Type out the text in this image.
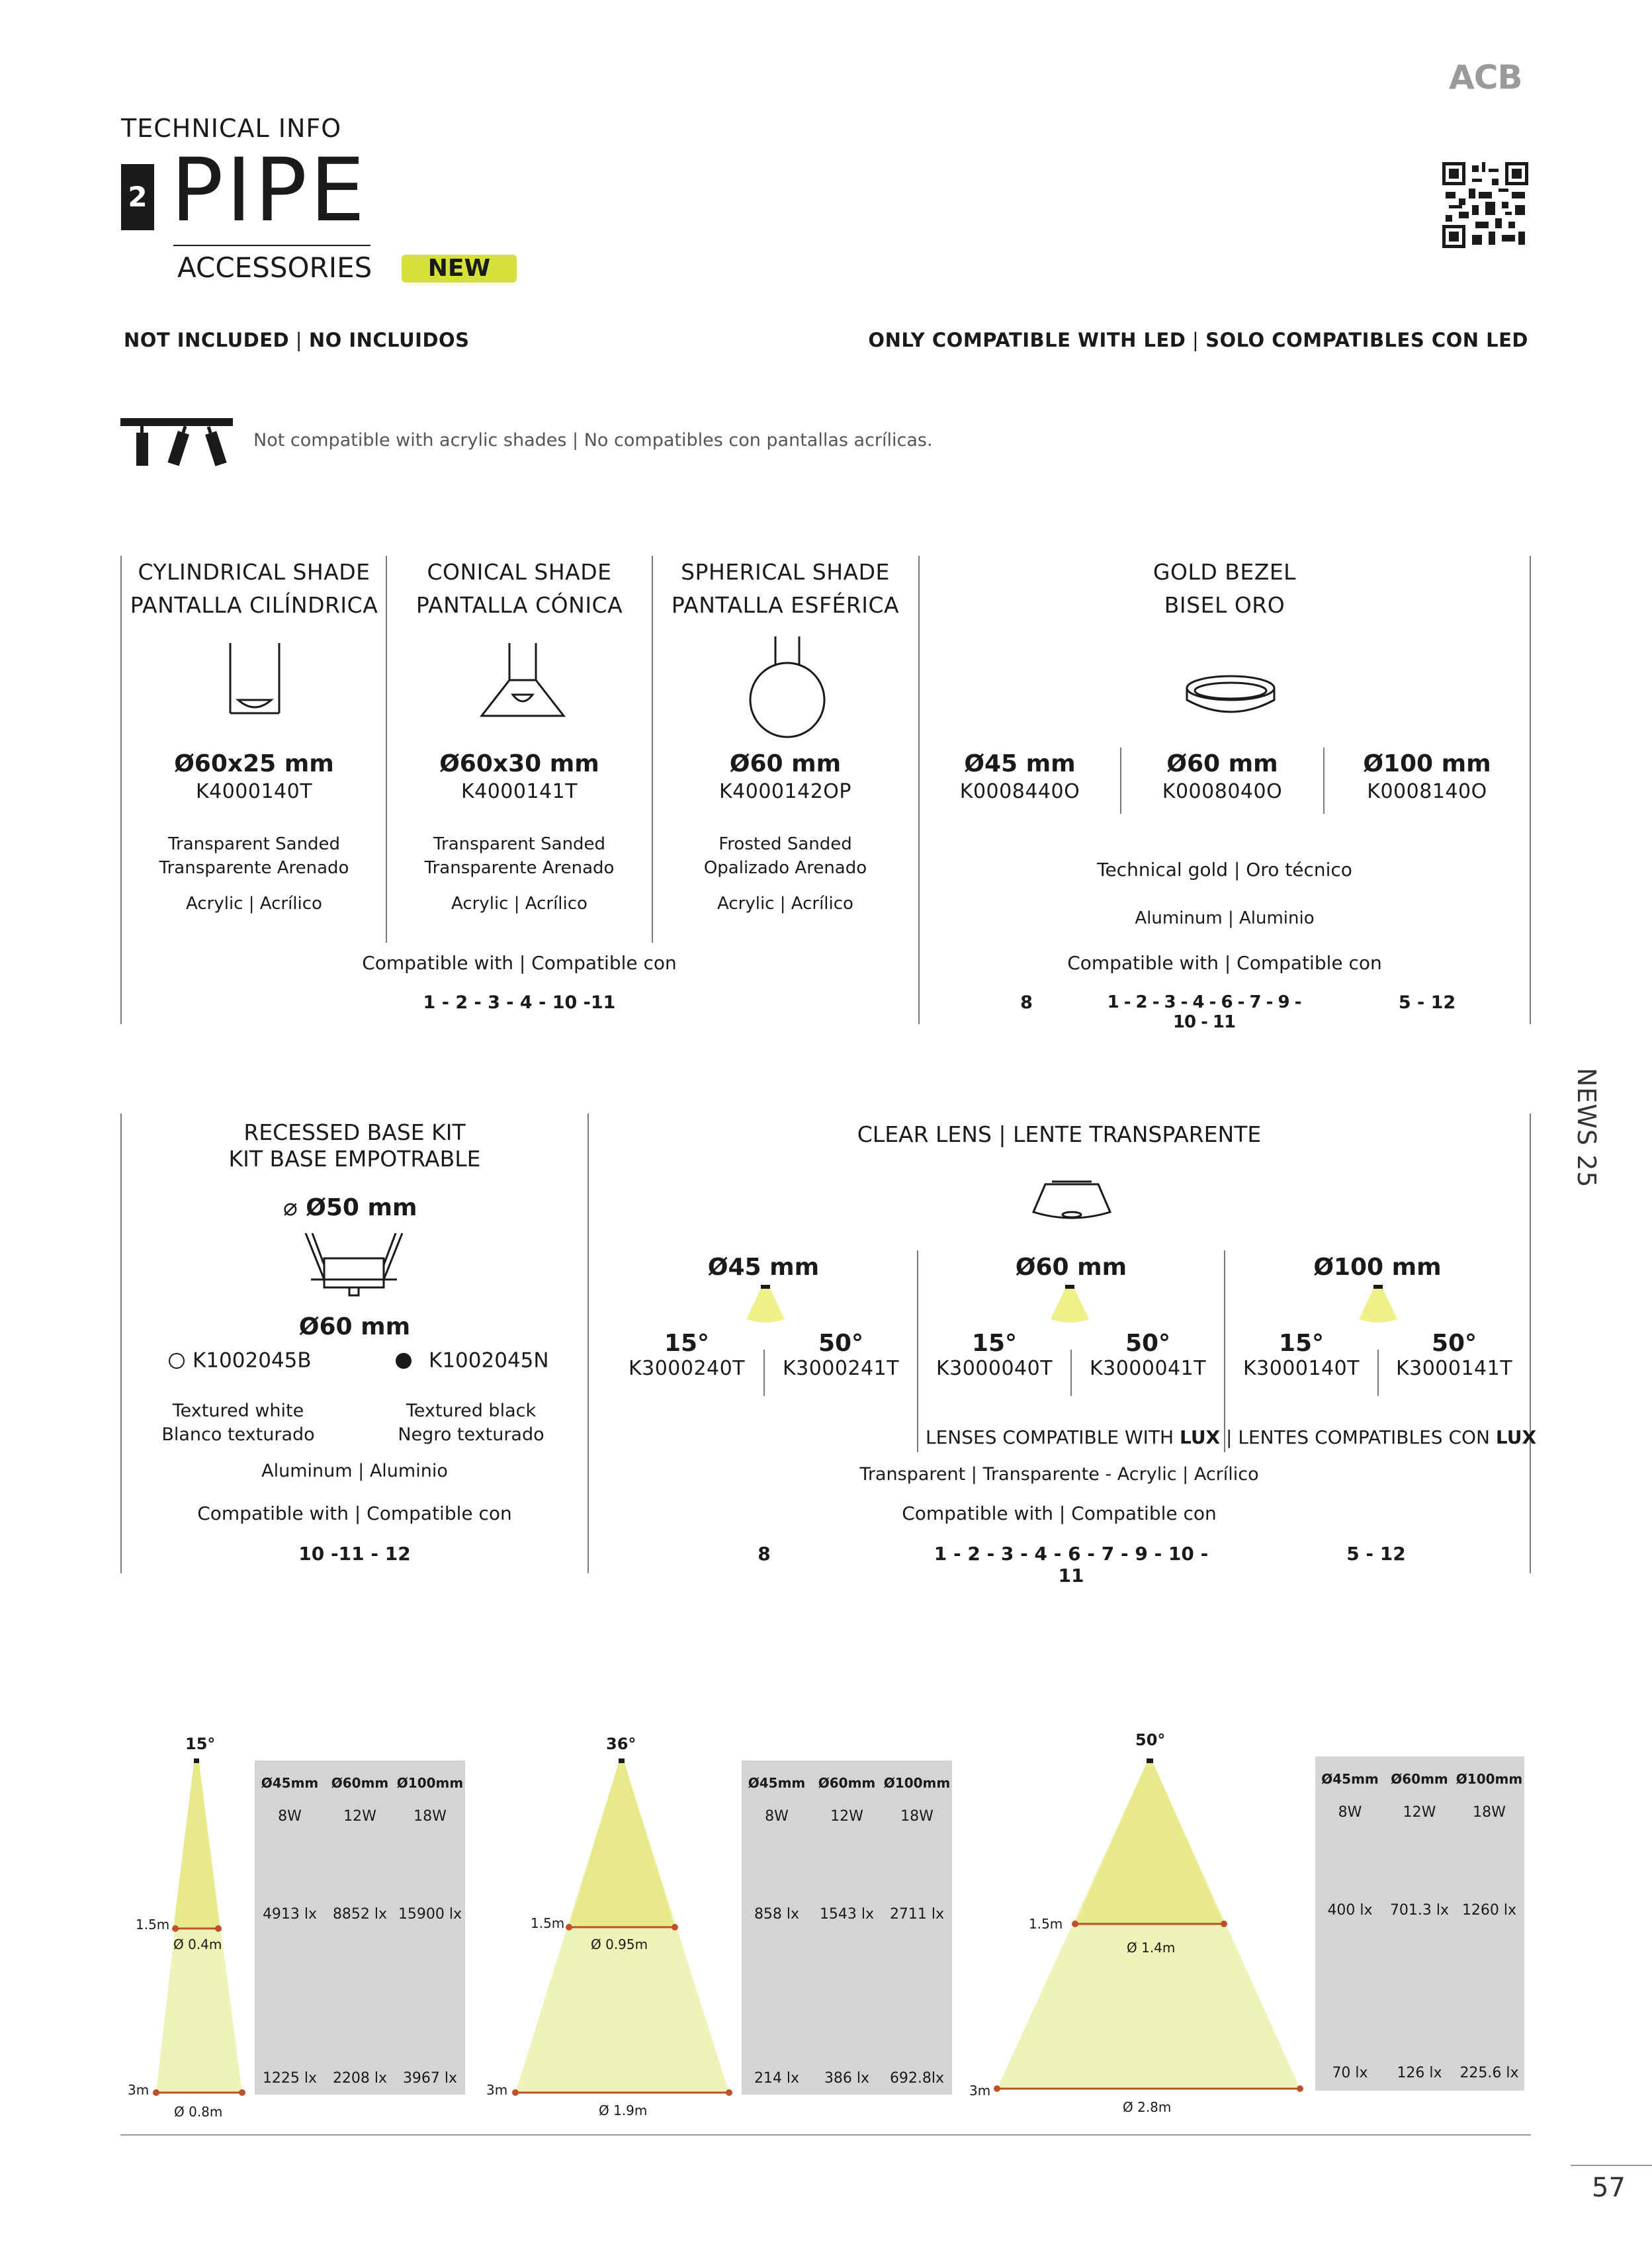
ACB
TECHNICAL INFO
2 PIPE
ACCESSORIES	NEW
NOT INCLUDED | NO INCLUIDOS	ONLY COMPATIBLE WITH LED | SOLO COMPATIBLES CON LED
Not compatible with acrylic shades | No compatibles con pantallas acrílicas.
CYLINDRICAL SHADE
PANTALLA CILÍNDRICA
CONICAL SHADE
PANTALLA CÓNICA
SPHERICAL SHADE
PANTALLA ESFÉRICA
Ø60x25 mm
K4000140T
Transparent Sanded
Transparente Arenado
Acrylic | Acrílico
Ø60x30 mm
K4000141T
Transparent Sanded
Transparente Arenado
Acrylic | Acrílico
Ø60 mm
K4000142OP
Frosted Sanded
Opalizado Arenado
Acrylic | Acrílico
Compatible with | Compatible con
1 - 2 - 3 - 4 - 10 -11
GOLD BEZEL
BISEL ORO
Ø45 mm
K0008440O
Ø60 mm
K0008040O
Ø100 mm
K0008140O
Technical gold | Oro técnico
Aluminum | Aluminio
Compatible with | Compatible con
8	1 - 2 - 3 - 4 - 6 - 7 - 9 - 10 - 11
5 - 12
NEWS 25
RECESSED BASE KIT
KIT BASE EMPOTRABLE
⌀ Ø50 mm
Ø60 mm
K1002045B	K1002045N
Textured white
Blanco texturado
Textured black
Negro texturado
Aluminum | Aluminio
Compatible with | Compatible con
10 -11 - 12
CLEAR LENS | LENTE TRANSPARENTE
Ø45 mm	Ø60 mm	Ø100 mm
15°
K3000240T
50°
K3000241T
15°
K3000040T
50°
K3000041T
15°
K3000140T
50°
K3000141T
LENSES COMPATIBLE WITH LUX | LENTES COMPATIBLES CON LUX
Transparent | Transparente - Acrylic | Acrílico
Compatible with | Compatible con
8	1 - 2 - 3 - 4 - 6 - 7 - 9 - 10 - 11
5 - 12
15°
1.5m
Ø 0.4m
3m
Ø 0.8m
36°
1.5m
Ø 0.95m
3m
Ø 1.9m
50°
1.5m
Ø 1.4m
3m
Ø 2.8m
Ø45mm Ø60mm Ø100mm
8W	12W	18W
4913 lx	8852 lx 15900 lx
1225 lx	2208 lx	3967 lx
Ø45mm Ø60mm Ø100mm
8W	12W	18W
858 lx	1543 lx	2711 lx
214 lx	386 lx	692.8lx
Ø45mm Ø60mm Ø100mm
8W	12W	18W
400 lx	701.3 lx 1260 lx
70 lx	126 lx	225.6 lx
57
